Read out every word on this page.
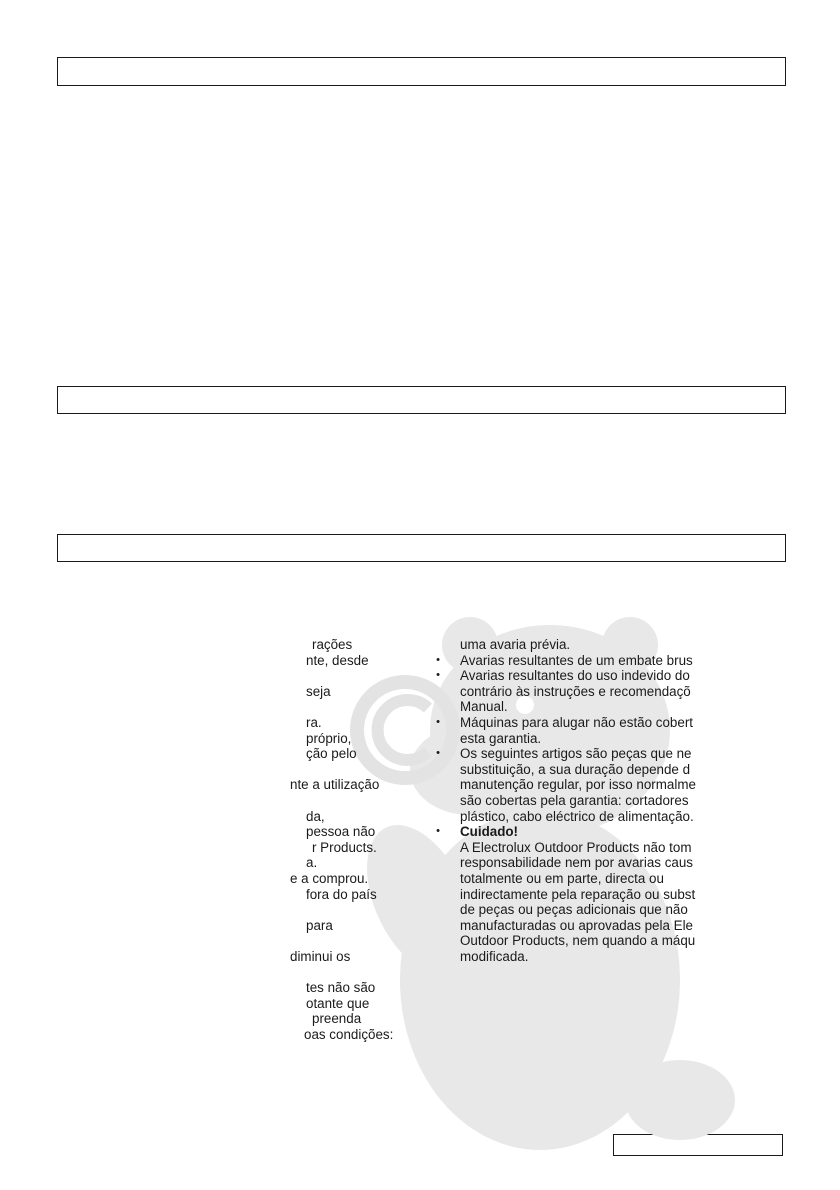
rações
nte, desde
seja
ra.
próprio,
ção pelo
nte a utilização
da,
pessoa não
r Products.
a.
e a comprou.
fora do país
para
diminui os
tes não são
otante que
preenda
oas condições:
uma avaria prévia.
•	Avarias resultantes de um embate brus
•	Avarias resultantes do uso indevido do
contrário às instruções e recomendaçõ
Manual.
•	Máquinas para alugar não estão cobert
esta garantia.
•	Os seguintes artigos são peças que ne
substituição, a sua duração depende d
manutenção regular, por isso normalme
são cobertas pela garantia: cortadores
plástico, cabo eléctrico de alimentação.
•	Cuidado!
A Electrolux Outdoor Products não tom
responsabilidade nem por avarias caus
totalmente ou em parte, directa ou
indirectamente pela reparação ou subst
de peças ou peças adicionais que não
manufacturadas ou aprovadas pela Ele
Outdoor Products, nem quando a máqu
modificada.
